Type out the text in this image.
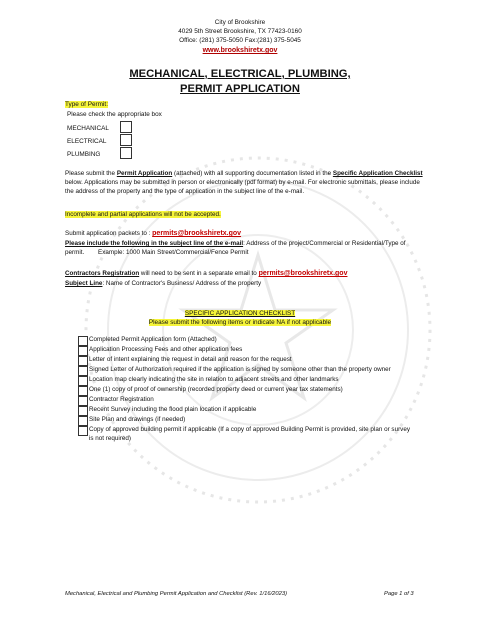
City of Brookshire
4029 5th Street Brookshire, TX 77423-0160
Office: (281) 375-5050 Fax:(281) 375-5045
www.brookshiretx.gov
MECHANICAL, ELECTRICAL, PLUMBING,
PERMIT APPLICATION
Type of Permit:
Please check the appropriate box
MECHANICAL
ELECTRICAL
PLUMBING
Please submit the Permit Application (attached) with all supporting documentation listed in the Specific Application Checklist below. Applications may be submitted in person or electronically (pdf format) by e-mail. For electronic submittals, please include the address of the property and the type of application in the subject line of the e-mail.
Incomplete and partial applications will not be accepted.
Submit application packets to : permits@brookshiretx.gov
Please include the following in the subject line of the e-mail: Address of the project/Commercial or Residential/Type of permit.	Example: 1000 Main Street/Commercial/Fence Permit
Contractors Registration will need to be sent in a separate email to permits@brookshiretx.gov
Subject Line: Name of Contractor's Business/ Address of the property
SPECIFIC APPLICATION CHECKLIST
Please submit the following items or indicate NA if not applicable
Completed Permit Application form (Attached)
Application Processing Fees and other application fees
Letter of intent explaining the request in detail and reason for the request
Signed Letter of Authorization required if the application is signed by someone other than the property owner
Location map clearly indicating the site in relation to adjacent streets and other landmarks
One (1) copy of proof of ownership (recorded property deed or current year tax statements)
Contractor Registration
Recent Survey including the flood plain location if applicable
Site Plan and drawings (if needed)
Copy of approved building permit if applicable (If a copy of approved Building Permit is provided, site plan or survey is not required)
Mechanical, Electrical and Plumbing Permit Application and Checklist (Rev. 1/16/2023)	Page 1 of 3
